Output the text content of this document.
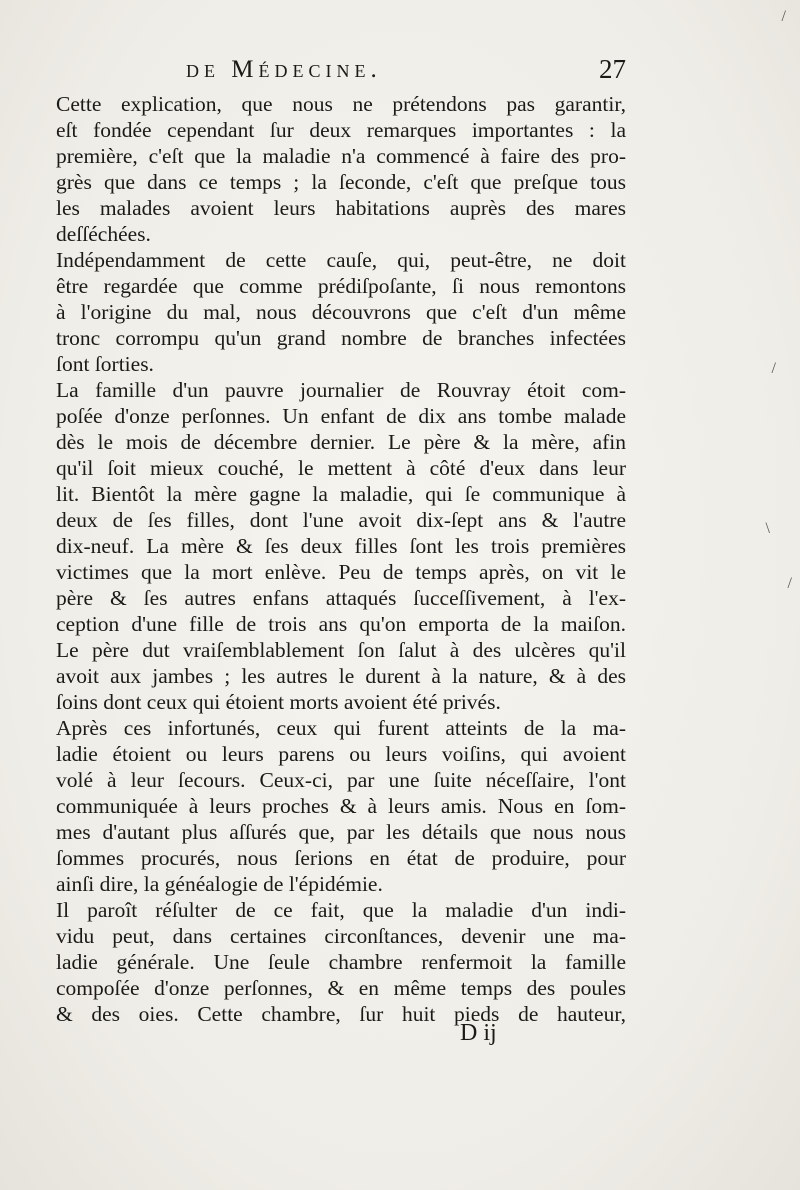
de Médecine.	27
Cette explication, que nous ne prétendons pas garantir,
eſt fondée cependant ſur deux remarques importantes : la
première, c'eſt que la maladie n'a commencé à faire des pro-
grès que dans ce temps ; la ſeconde, c'eſt que preſque tous
les malades avoient leurs habitations auprès des mares
deſſéchées.
Indépendamment de cette cauſe, qui, peut-être, ne doit
être regardée que comme prédiſpoſante, ſi nous remontons
à l'origine du mal, nous découvrons que c'eſt d'un même
tronc corrompu qu'un grand nombre de branches infectées
ſont ſorties.
La famille d'un pauvre journalier de Rouvray étoit com-
poſée d'onze perſonnes. Un enfant de dix ans tombe malade
dès le mois de décembre dernier. Le père & la mère, afin
qu'il ſoit mieux couché, le mettent à côté d'eux dans leur
lit. Bientôt la mère gagne la maladie, qui ſe communique à
deux de ſes filles, dont l'une avoit dix-ſept ans & l'autre
dix-neuf. La mère & ſes deux filles ſont les trois premières
victimes que la mort enlève. Peu de temps après, on vit le
père & ſes autres enfans attaqués ſucceſſivement, à l'ex-
ception d'une fille de trois ans qu'on emporta de la maiſon.
Le père dut vraiſemblablement ſon ſalut à des ulcères qu'il
avoit aux jambes ; les autres le durent à la nature, & à des
ſoins dont ceux qui étoient morts avoient été privés.
Après ces infortunés, ceux qui furent atteints de la ma-
ladie étoient ou leurs parens ou leurs voiſins, qui avoient
volé à leur ſecours. Ceux-ci, par une ſuite néceſſaire, l'ont
communiquée à leurs proches & à leurs amis. Nous en ſom-
mes d'autant plus aſſurés que, par les détails que nous nous
ſommes procurés, nous ſerions en état de produire, pour
ainſi dire, la généalogie de l'épidémie.
Il paroît réſulter de ce fait, que la maladie d'un indi-
vidu peut, dans certaines circonſtances, devenir une ma-
ladie générale. Une ſeule chambre renfermoit la famille
compoſée d'onze perſonnes, & en même temps des poules
& des oies. Cette chambre, ſur huit pieds de hauteur,
D ij
/
/
\
/
